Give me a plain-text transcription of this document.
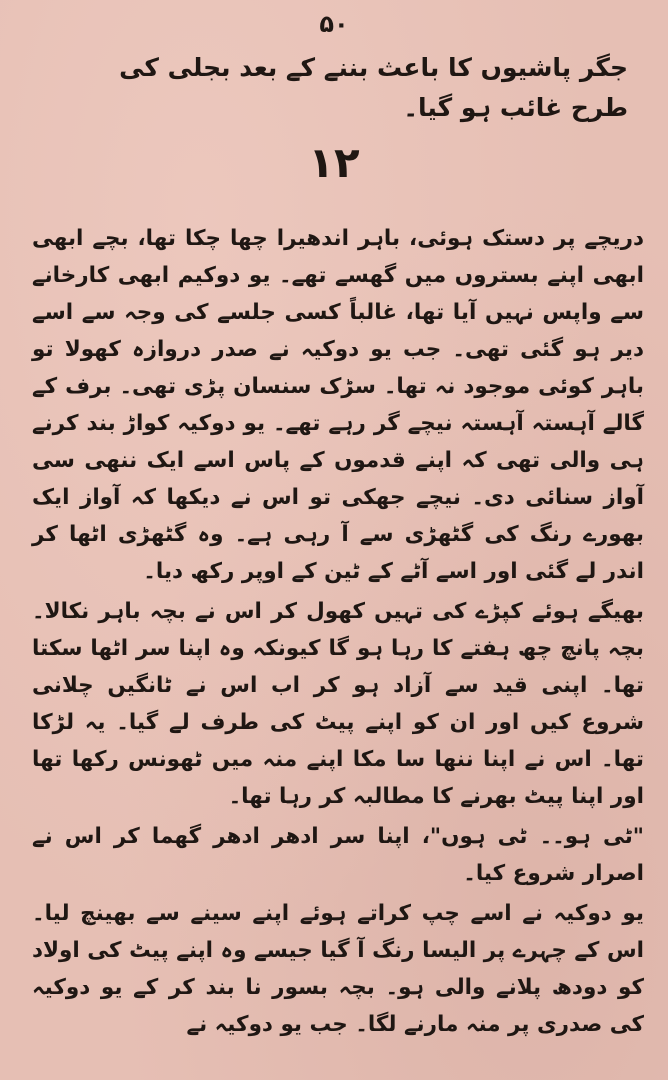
۵۰
جگر پاشیوں کا باعث بننے کے بعد بجلی کی طرح غائب ہو گیا۔
۱۲

دریچے پر دستک ہوئی، باہر اندھیرا چھا چکا تھا، بچے ابھی ابھی اپنے بستروں میں گھسے تھے۔ یو دوکیم ابھی کارخانے سے واپس نہیں آیا تھا، غالباً کسی جلسے کی وجہ سے اسے دیر ہو گئی تھی۔ جب یو دوکیہ نے صدر دروازہ کھولا تو باہر کوئی موجود نہ تھا۔ سڑک سنسان پڑی تھی۔ برف کے گالے آہستہ آہستہ نیچے گر رہے تھے۔ یو دوکیہ کواڑ بند کرنے ہی والی تھی کہ اپنے قدموں کے پاس اسے ایک ننھی سی آواز سنائی دی۔ نیچے جھکی تو اس نے دیکھا کہ آواز ایک بھورے رنگ کی گٹھڑی سے آ رہی ہے۔ وہ گٹھڑی اٹھا کر اندر لے گئی اور اسے آٹے کے ٹین کے اوپر رکھ دیا۔

بھیگے ہوئے کپڑے کی تہیں کھول کر اس نے بچہ باہر نکالا۔ بچہ پانچ چھ ہفتے کا رہا ہو گا کیونکہ وہ اپنا سر اٹھا سکتا تھا۔ اپنی قید سے آزاد ہو کر اب اس نے ٹانگیں چلانی شروع کیں اور ان کو اپنے پیٹ کی طرف لے گیا۔ یہ لڑکا تھا۔ اس نے اپنا ننھا سا مکا اپنے منہ میں ٹھونس رکھا تھا اور اپنا پیٹ بھرنے کا مطالبہ کر رہا تھا۔

"ٹی ہو۔۔ ٹی ہوں"، اپنا سر ادھر ادھر گھما کر اس نے اصرار شروع کیا۔

یو دوکیہ نے اسے چپ کراتے ہوئے اپنے سینے سے بھینچ لیا۔ اس کے چہرے پر الیسا رنگ آ گیا جیسے وہ اپنے پیٹ کی اولاد کو دودھ پلانے والی ہو۔ بچہ بسور نا بند کر کے یو دوکیہ کی صدری پر منہ مارنے لگا۔ جب یو دوکیہ نے
